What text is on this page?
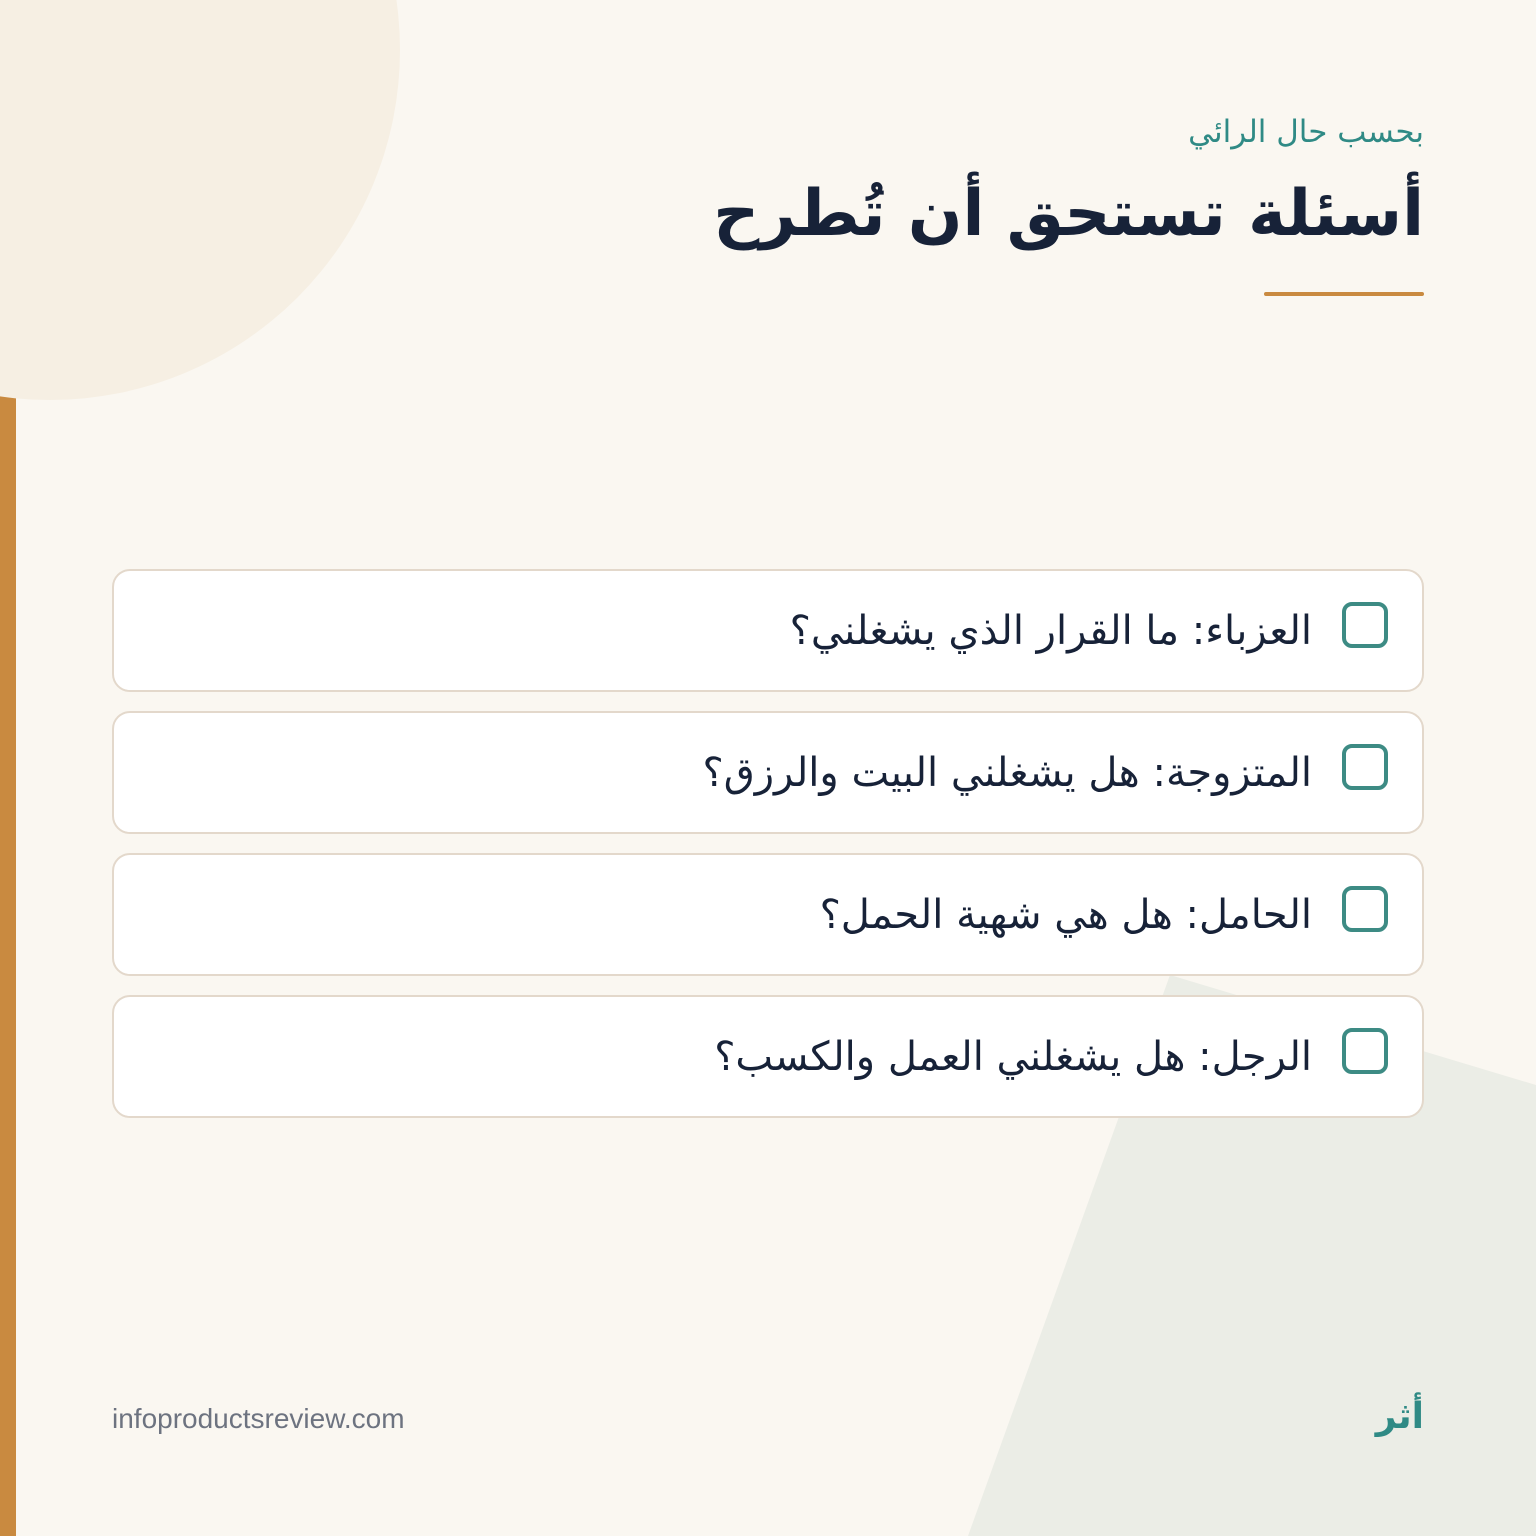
بحسب حال الرائي
أسئلة تستحق أن تُطرح
العزباء: ما القرار الذي يشغلني؟
المتزوجة: هل يشغلني البيت والرزق؟
الحامل: هل هي شهية الحمل؟
الرجل: هل يشغلني العمل والكسب؟
infoproductsreview.com	أثر
